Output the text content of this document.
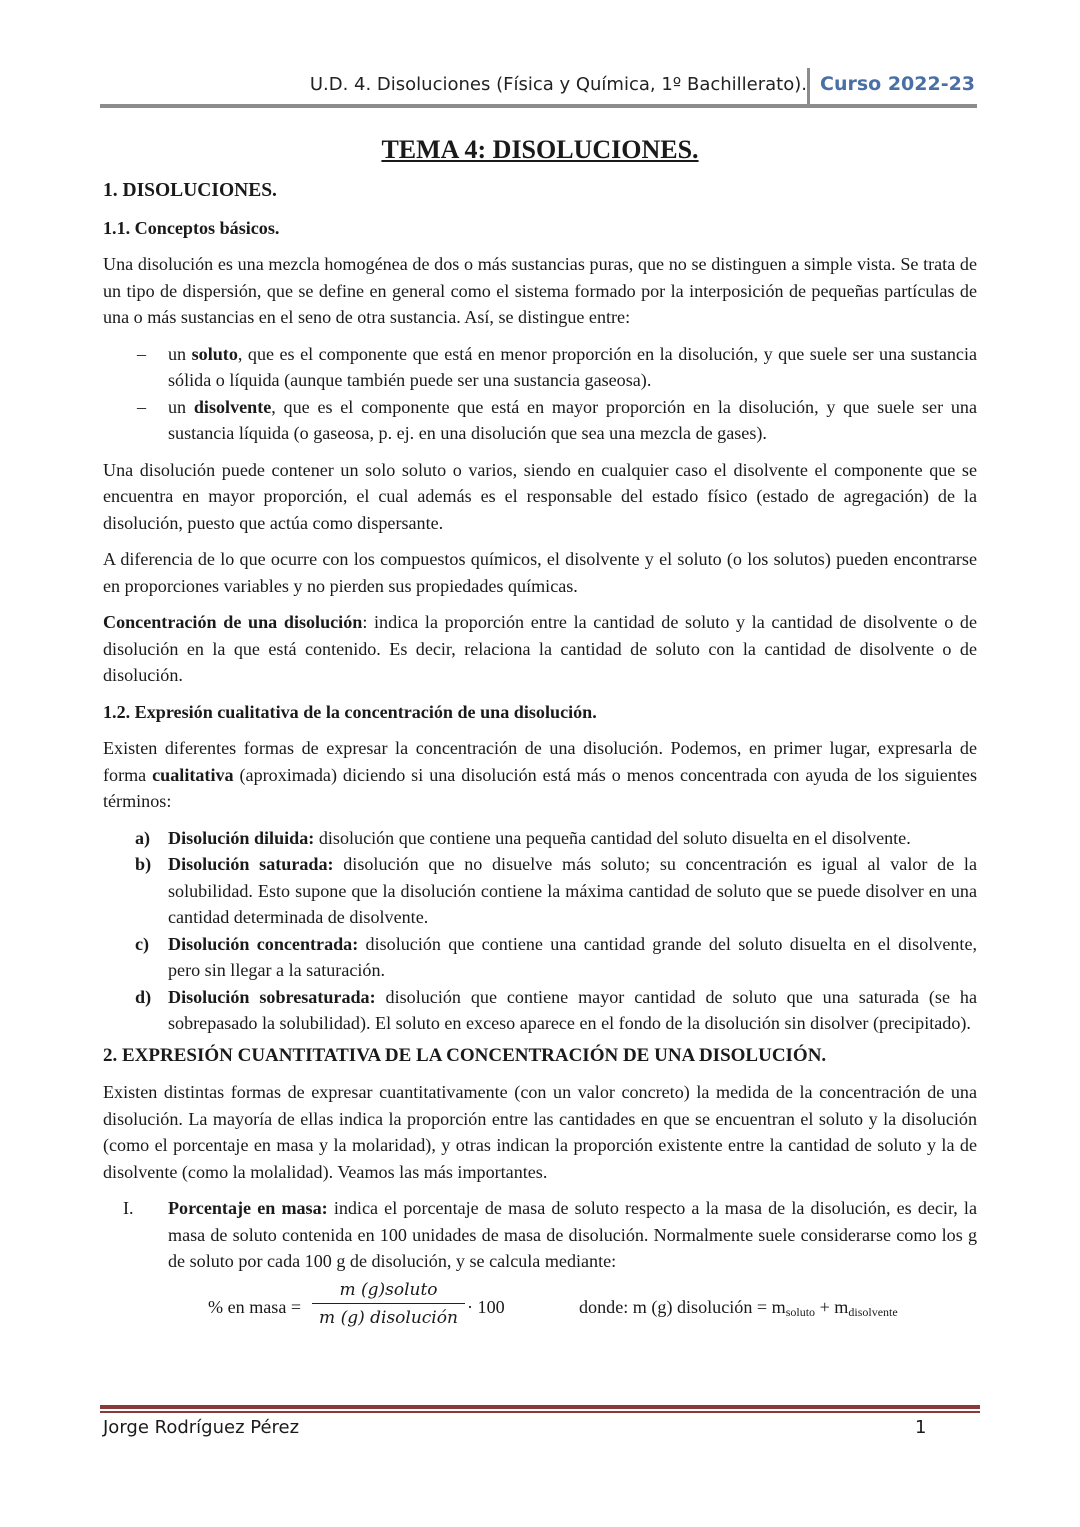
U.D. 4. Disoluciones (Física y Química, 1º Bachillerato). Curso 2022-23
TEMA 4: DISOLUCIONES.

1. DISOLUCIONES.

1.1. Conceptos básicos.

Una disolución es una mezcla homogénea de dos o más sustancias puras, que no se distinguen a simple vista. Se trata de un tipo de dispersión, que se define en general como el sistema formado por la interposición de pequeñas partículas de una o más sustancias en el seno de otra sustancia. Así, se distingue entre:

– un soluto, que es el componente que está en menor proporción en la disolución, y que suele ser una sustancia sólida o líquida (aunque también puede ser una sustancia gaseosa).
– un disolvente, que es el componente que está en mayor proporción en la disolución, y que suele ser una sustancia líquida (o gaseosa, p. ej. en una disolución que sea una mezcla de gases).

Una disolución puede contener un solo soluto o varios, siendo en cualquier caso el disolvente el componente que se encuentra en mayor proporción, el cual además es el responsable del estado físico (estado de agregación) de la disolución, puesto que actúa como dispersante.

A diferencia de lo que ocurre con los compuestos químicos, el disolvente y el soluto (o los solutos) pueden encontrarse en proporciones variables y no pierden sus propiedades químicas.

Concentración de una disolución: indica la proporción entre la cantidad de soluto y la cantidad de disolvente o de disolución en la que está contenido. Es decir, relaciona la cantidad de soluto con la cantidad de disolvente o de disolución.

1.2. Expresión cualitativa de la concentración de una disolución.

Existen diferentes formas de expresar la concentración de una disolución. Podemos, en primer lugar, expresarla de forma cualitativa (aproximada) diciendo si una disolución está más o menos concentrada con ayuda de los siguientes términos:

a) Disolución diluida: disolución que contiene una pequeña cantidad del soluto disuelta en el disolvente.
b) Disolución saturada: disolución que no disuelve más soluto; su concentración es igual al valor de la solubilidad. Esto supone que la disolución contiene la máxima cantidad de soluto que se puede disolver en una cantidad determinada de disolvente.
c) Disolución concentrada: disolución que contiene una cantidad grande del soluto disuelta en el disolvente, pero sin llegar a la saturación.
d) Disolución sobresaturada: disolución que contiene mayor cantidad de soluto que una saturada (se ha sobrepasado la solubilidad). El soluto en exceso aparece en el fondo de la disolución sin disolver (precipitado).

2. EXPRESIÓN CUANTITATIVA DE LA CONCENTRACIÓN DE UNA DISOLUCIÓN.

Existen distintas formas de expresar cuantitativamente (con un valor concreto) la medida de la concentración de una disolución. La mayoría de ellas indica la proporción entre las cantidades en que se encuentran el soluto y la disolución (como el porcentaje en masa y la molaridad), y otras indican la proporción existente entre la cantidad de soluto y la de disolvente (como la molalidad). Veamos las más importantes.

I. Porcentaje en masa: indica el porcentaje de masa de soluto respecto a la masa de la disolución, es decir, la masa de soluto contenida en 100 unidades de masa de disolución. Normalmente suele considerarse como los g de soluto por cada 100 g de disolución, y se calcula mediante:
% en masa =
m (g)soluto
m (g) disolución
· 100	donde: m (g) disolución = $m_{soluto} + m_{disolvente}$
Jorge Rodríguez Pérez	1
